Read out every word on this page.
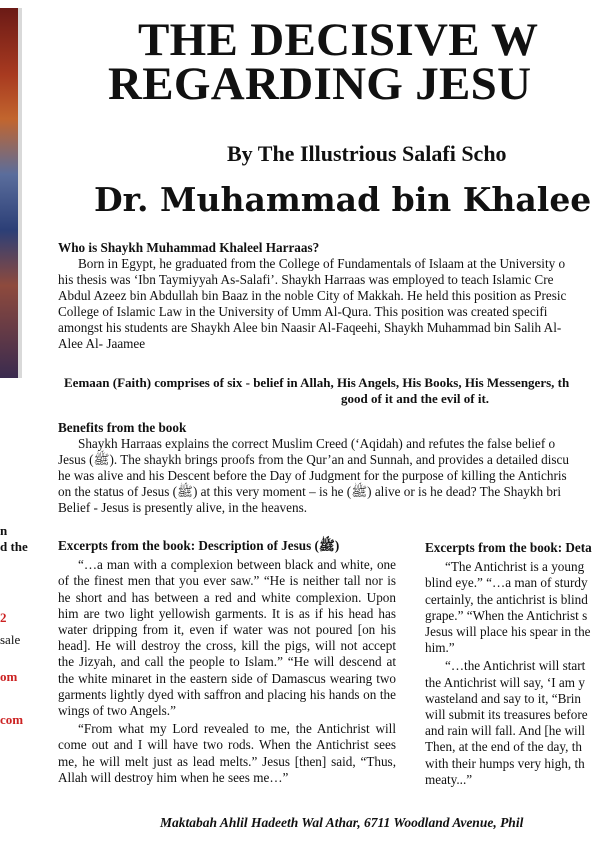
THE DECISIVE W
REGARDING JESU
By The Illustrious Salafi Scho
Dr. Muhammad bin Khalee
Who is Shaykh Muhammad Khaleel Harraas?
Born in Egypt, he graduated from the College of Fundamentals of Islaam at the University o
his thesis was ‘Ibn Taymiyyah As-Salafi’. Shaykh Harraas was employed to teach Islamic Cre
Abdul Azeez bin Abdullah bin Baaz in the noble City of Makkah. He held this position as Presic
College of Islamic Law in the University of Umm Al-Qura. This position was created specifi
amongst his students are Shaykh Alee bin Naasir Al-Faqeehi, Shaykh Muhammad bin Salih Al-
Alee Al- Jaamee
Eemaan (Faith) comprises of six - belief in Allah, His Angels, His Books, His Messengers, th
good of it and the evil of it.
Benefits from the book
Shaykh Harraas explains the correct Muslim Creed (‘Aqidah) and refutes the false belief o
Jesus (ﷺ). The shaykh brings proofs from the Qur’an and Sunnah, and provides a detailed discu
he was alive and his Descent before the Day of Judgment for the purpose of killing the Antichris
on the status of Jesus (ﷺ) at this very moment – is he (ﷺ) alive or is he dead? The Shaykh bri
Belief - Jesus is presently alive, in the heavens.
n
d the
2
sale
om
com

Excerpts from the book: Description of Jesus (ﷺ)

“…a man with a complexion between black and white, one of the finest men that you ever saw.” “He is neither tall nor is he short and has between a red and white complexion. Upon him are two light yellowish garments. It is as if his head has water dripping from it, even if water was not poured [on his head]. He will destroy the cross, kill the pigs, will not accept the Jizyah, and call the people to Islam.” “He will descend at the white minaret in the eastern side of Damascus wearing two garments lightly dyed with saffron and placing his hands on the wings of two Angels.”

“From what my Lord revealed to me, the Antichrist will come out and I will have two rods. When the Antichrist sees me, he will melt just as lead melts.” Jesus [then] said, “Thus, Allah will destroy him when he sees me…”

Excerpts from the book: Deta

“The Antichrist is a young

blind eye.” “…a man of sturdy

certainly, the antichrist is blind

grape.” “When the Antichrist s

Jesus will place his spear in the

him.”

“…the Antichrist will start

the Antichrist will say, ‘I am y

wasteland and say to it, “Brin

will submit its treasures before

and rain will fall. And [he will

Then, at the end of the day, th

with their humps very high, th

meaty...”

Maktabah Ahlil Hadeeth Wal Athar, 6711 Woodland Avenue, Phil
